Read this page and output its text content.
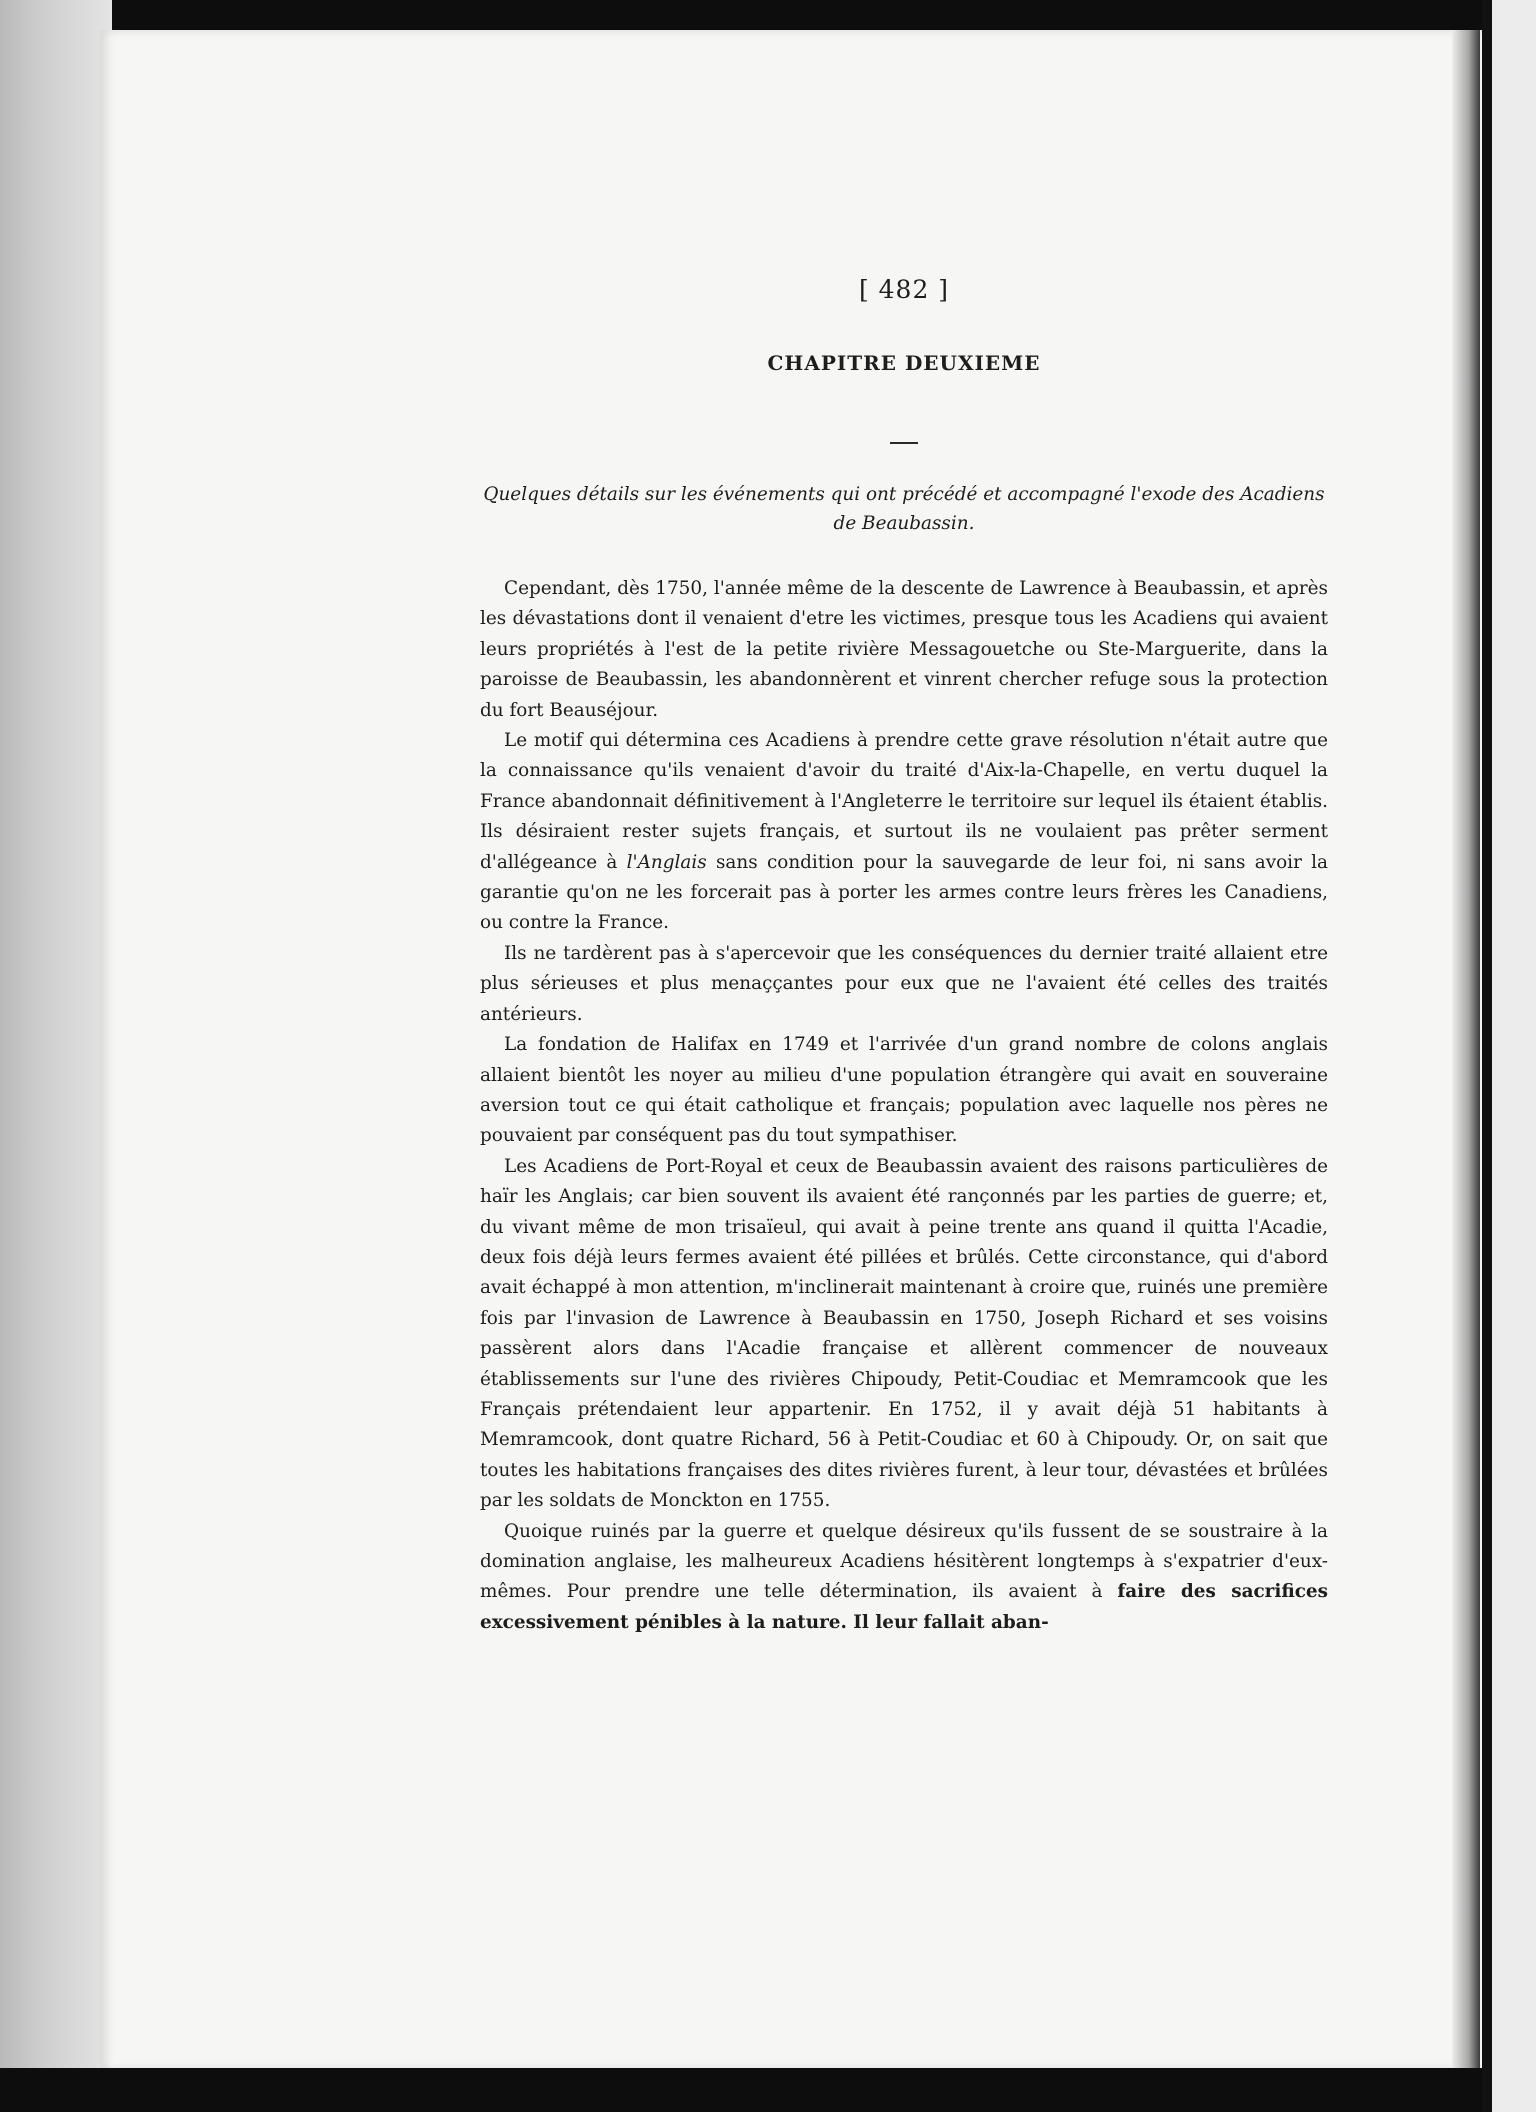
[ 482 ]
CHAPITRE DEUXIEME
Quelques détails sur les événements qui ont précédé et accompagné l'exode des Acadiens de Beaubassin.

Cependant, dès 1750, l'année même de la descente de Lawrence à Beaubassin, et après les dévastations dont il venaient d'etre les victimes, presque tous les Acadiens qui avaient leurs propriétés à l'est de la petite rivière Messagouetche ou Ste-Marguerite, dans la paroisse de Beaubassin, les abandonnèrent et vinrent chercher refuge sous la protection du fort Beauséjour.

Le motif qui détermina ces Acadiens à prendre cette grave résolution n'était autre que la connaissance qu'ils venaient d'avoir du traité d'Aix-la-Chapelle, en vertu duquel la France abandonnait définitivement à l'Angleterre le territoire sur lequel ils étaient établis. Ils désiraient rester sujets français, et surtout ils ne voulaient pas prêter serment d'allégeance à l'Anglais sans condition pour la sauvegarde de leur foi, ni sans avoir la garantie qu'on ne les forcerait pas à porter les armes contre leurs frères les Canadiens, ou contre la France.

Ils ne tardèrent pas à s'apercevoir que les conséquences du dernier traité allaient etre plus sérieuses et plus menaççantes pour eux que ne l'avaient été celles des traités antérieurs.

La fondation de Halifax en 1749 et l'arrivée d'un grand nombre de colons anglais allaient bientôt les noyer au milieu d'une population étrangère qui avait en souveraine aversion tout ce qui était catholique et français; population avec laquelle nos pères ne pouvaient par conséquent pas du tout sympathiser.

Les Acadiens de Port-Royal et ceux de Beaubassin avaient des raisons particulières de haïr les Anglais; car bien souvent ils avaient été rançonnés par les parties de guerre; et, du vivant même de mon trisaïeul, qui avait à peine trente ans quand il quitta l'Acadie, deux fois déjà leurs fermes avaient été pillées et brûlés. Cette circonstance, qui d'abord avait échappé à mon attention, m'inclinerait maintenant à croire que, ruinés une première fois par l'invasion de Lawrence à Beaubassin en 1750, Joseph Richard et ses voisins passèrent alors dans l'Acadie française et allèrent commencer de nouveaux établissements sur l'une des rivières Chipoudy, Petit-Coudiac et Memramcook que les Français prétendaient leur appartenir. En 1752, il y avait déjà 51 habitants à Memramcook, dont quatre Richard, 56 à Petit-Coudiac et 60 à Chipoudy. Or, on sait que toutes les habitations françaises des dites rivières furent, à leur tour, dévastées et brûlées par les soldats de Monckton en 1755.

Quoique ruinés par la guerre et quelque désireux qu'ils fussent de se soustraire à la domination anglaise, les malheureux Acadiens hésitèrent longtemps à s'expatrier d'eux-mêmes. Pour prendre une telle détermination, ils avaient à faire des sacrifices excessivement pénibles à la nature. Il leur fallait aban-
